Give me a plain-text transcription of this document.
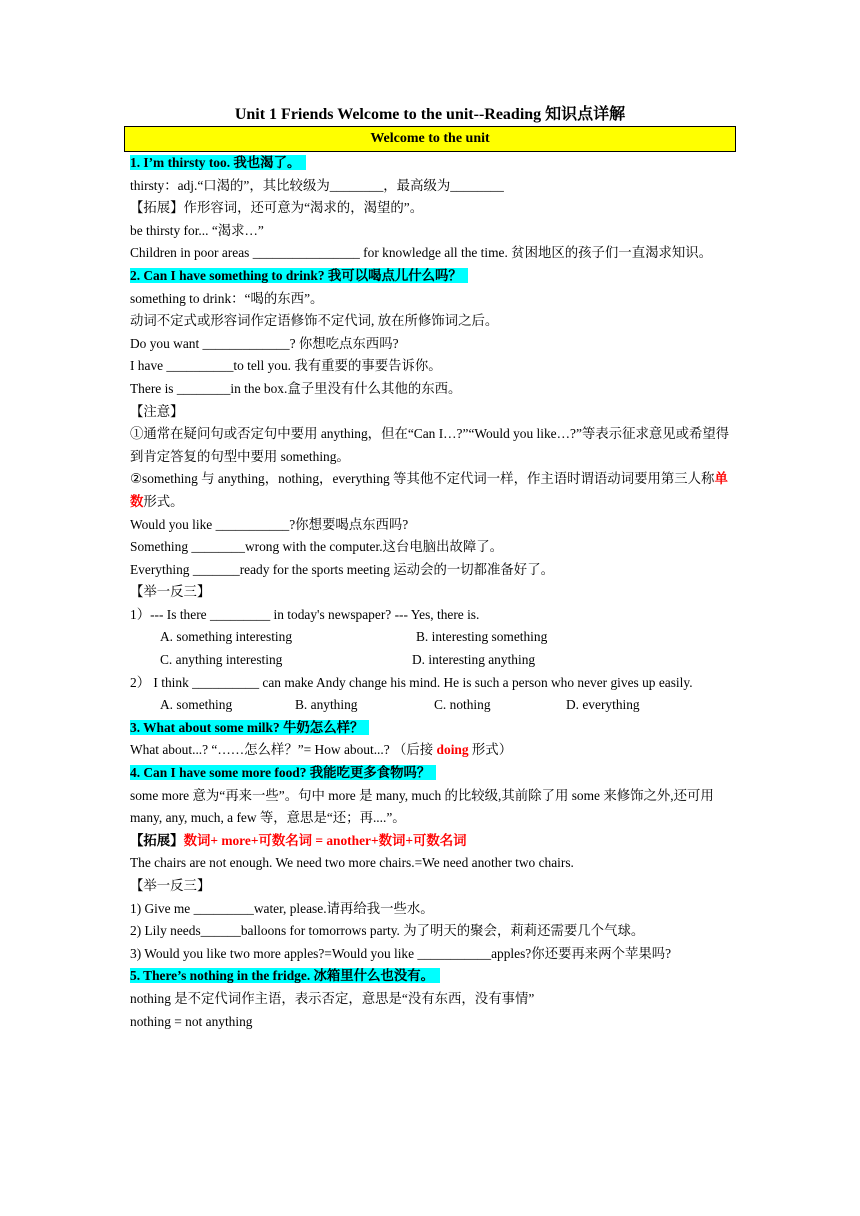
Unit 1 Friends Welcome to the unit--Reading 知识点详解
Welcome to the unit
1. I’m thirsty too. 我也渴了。
thirsty：adj.“口渴的”，其比较级为________，最高级为________
【拓展】作形容词，还可意为“渴求的，渴望的”。
be thirsty for... “渴求…”
Children in poor areas ________________ for knowledge all the time. 贫困地区的孩子们一直渴求知识。
2. Can I have something to drink? 我可以喝点儿什么吗？
something to drink：“喝的东西”。
动词不定式或形容词作定语修饰不定代词, 放在所修饰词之后。
Do you want _____________? 你想吃点东西吗?
I have __________to tell you. 我有重要的事要告诉你。
There is ________in the box.盒子里没有什么其他的东西。
【注意】
①通常在疑问句或否定句中要用 anything，但在“Can I…?”“Would you like…?”等表示征求意见或希望得到肯定答复的句型中要用 something。
②something 与 anything，nothing，everything 等其他不定代词一样，作主语时谓语动词要用第三人称单数形式。
Would you like ___________?你想要喝点东西吗?
Something ________wrong with the computer.这台电脑出故障了。
Everything _______ready for the sports meeting 运动会的一切都准备好了。
【举一反三】
1）--- Is there _________ in today's newspaper? --- Yes, there is.
A. something interesting	B. interesting something
C. anything interesting	D. interesting anything
2） I think __________ can make Andy change his mind. He is such a person who never gives up easily.
A. something	B. anything	C. nothing	D. everything
3. What about some milk? 牛奶怎么样？
What about...? “……怎么样？”= How about...? （后接 doing 形式）
4. Can I have some more food? 我能吃更多食物吗？
some more 意为“再来一些”。句中 more 是 many, much 的比较级,其前除了用 some 来修饰之外,还可用 many, any, much, a few 等，意思是“还；再....”。
【拓展】数词+ more+可数名词 = another+数词+可数名词
The chairs are not enough. We need two more chairs.=We need another two chairs.
【举一反三】
1) Give me _________water, please.请再给我一些水。
2) Lily needs______balloons for tomorrows party. 为了明天的聚会，莉莉还需要几个气球。
3) Would you like two more apples?=Would you like ___________apples?你还要再来两个苹果吗?
5. There’s nothing in the fridge. 冰箱里什么也没有。
nothing 是不定代词作主语，表示否定，意思是“没有东西，没有事情”
nothing = not anything
